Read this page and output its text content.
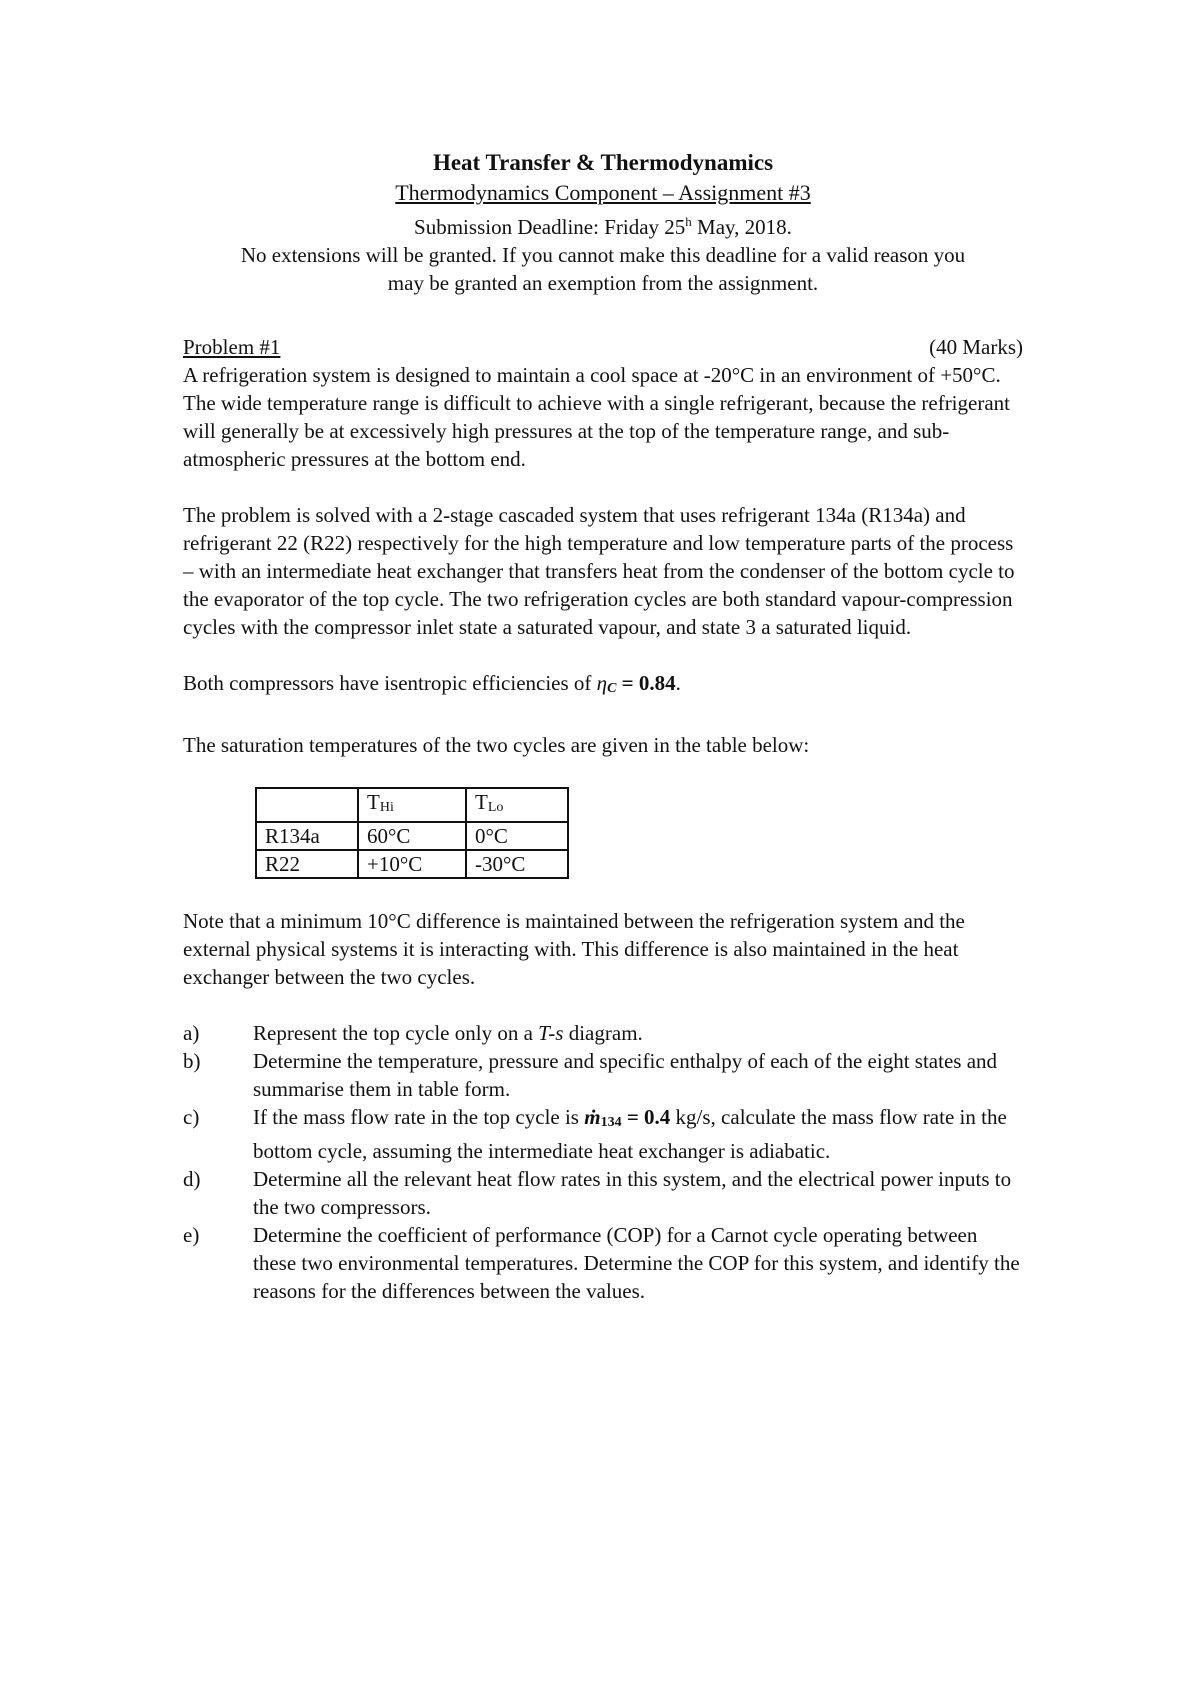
Heat Transfer & Thermodynamics
Thermodynamics Component – Assignment #3
Submission Deadline: Friday 25$^h$ May, 2018.
No extensions will be granted. If you cannot make this deadline for a valid reason you
may be granted an exemption from the assignment.
Problem #1	(40 Marks)

A refrigeration system is designed to maintain a cool space at -20°C in an environment of +50°C. The wide temperature range is difficult to achieve with a single refrigerant, because the refrigerant will generally be at excessively high pressures at the top of the temperature range, and sub-atmospheric pressures at the bottom end.

The problem is solved with a 2-stage cascaded system that uses refrigerant 134a (R134a) and refrigerant 22 (R22) respectively for the high temperature and low temperature parts of the process – with an intermediate heat exchanger that transfers heat from the condenser of the bottom cycle to the evaporator of the top cycle. The two refrigeration cycles are both standard vapour-compression cycles with the compressor inlet state a saturated vapour, and state 3 a saturated liquid.

Both compressors have isentropic efficiencies of ηC = 0.84.

The saturation temperatures of the two cycles are given in the table below:

	THi	TLo
R134a	60°C	0°C
R22	+10°C	-30°C

Note that a minimum 10°C difference is maintained between the refrigeration system and the external physical systems it is interacting with. This difference is also maintained in the heat exchanger between the two cycles.

a)	Represent the top cycle only on a T-s diagram.
b)	Determine the temperature, pressure and specific enthalpy of each of the eight states and summarise them in table form.
c)	If the mass flow rate in the top cycle is ṁ134 = 0.4 kg/s, calculate the mass flow rate in the bottom cycle, assuming the intermediate heat exchanger is adiabatic.
d)	Determine all the relevant heat flow rates in this system, and the electrical power inputs to the two compressors.
e)	Determine the coefficient of performance (COP) for a Carnot cycle operating between these two environmental temperatures. Determine the COP for this system, and identify the reasons for the differences between the values.
